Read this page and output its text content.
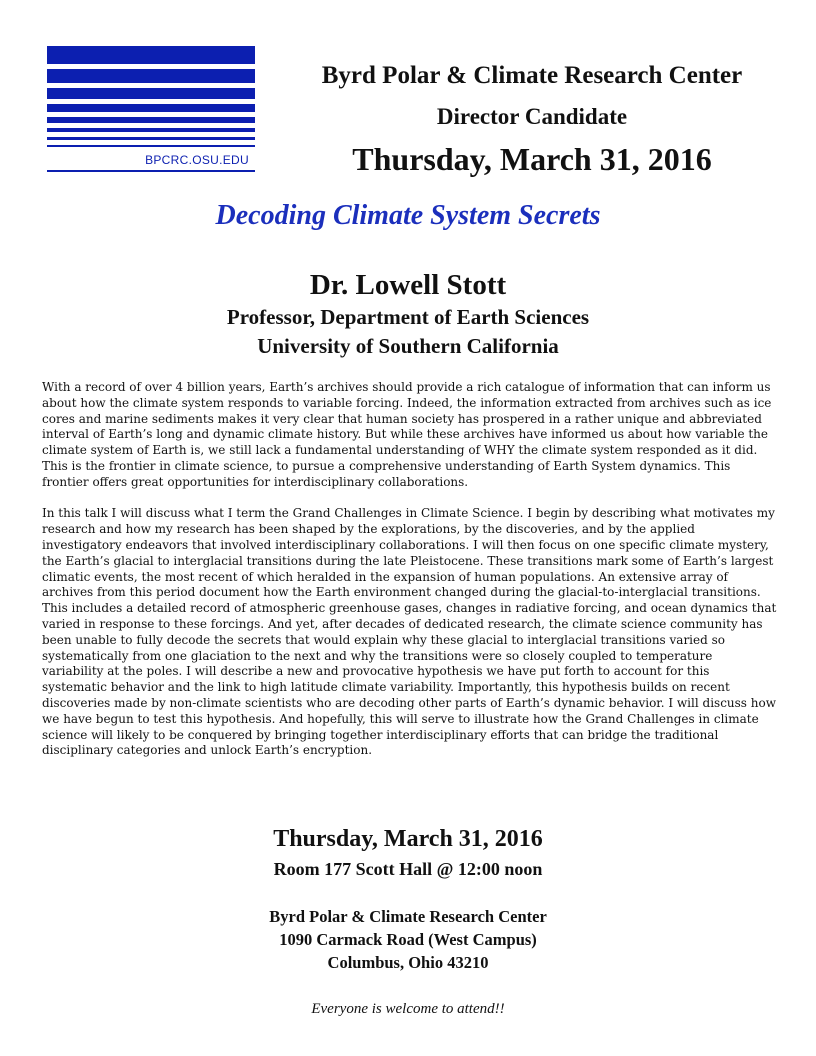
BPCRC.OSU.EDU
Byrd Polar & Climate Research Center
Director Candidate
Thursday, March 31, 2016
Decoding Climate System Secrets
Dr. Lowell Stott
Professor, Department of Earth Sciences
University of Southern California

With a record of over 4 billion years, Earth’s archives should provide a rich catalogue of information that can inform us about how the climate system responds to variable forcing. Indeed, the information extracted from archives such as ice cores and marine sediments makes it very clear that human society has prospered in a rather unique and abbreviated interval of Earth’s long and dynamic climate history. But while these archives have informed us about how variable the climate system of Earth is, we still lack a fundamental understanding of WHY the climate system responded as it did. This is the frontier in climate science, to pursue a comprehensive understanding of Earth System dynamics. This frontier offers great opportunities for interdisciplinary collaborations.

In this talk I will discuss what I term the Grand Challenges in Climate Science. I begin by describing what motivates my research and how my research has been shaped by the explorations, by the discoveries, and by the applied investigatory endeavors that involved interdisciplinary collaborations. I will then focus on one specific climate mystery, the Earth’s glacial to interglacial transitions during the late Pleistocene. These transitions mark some of Earth’s largest climatic events, the most recent of which heralded in the expansion of human populations. An extensive array of archives from this period document how the Earth environment changed during the glacial-to-interglacial transitions. This includes a detailed record of atmospheric greenhouse gases, changes in radiative forcing, and ocean dynamics that varied in response to these forcings. And yet, after decades of dedicated research, the climate science community has been unable to fully decode the secrets that would explain why these glacial to interglacial transitions varied so systematically from one glaciation to the next and why the transitions were so closely coupled to temperature variability at the poles. I will describe a new and provocative hypothesis we have put forth to account for this systematic behavior and the link to high latitude climate variability. Importantly, this hypothesis builds on recent discoveries made by non-climate scientists who are decoding other parts of Earth’s dynamic behavior. I will discuss how we have begun to test this hypothesis. And hopefully, this will serve to illustrate how the Grand Challenges in climate science will likely to be conquered by bringing together interdisciplinary efforts that can bridge the traditional disciplinary categories and unlock Earth’s encryption.

Thursday, March 31, 2016
Room 177 Scott Hall @ 12:00 noon
Byrd Polar & Climate Research Center
1090 Carmack Road (West Campus)
Columbus, Ohio 43210
Everyone is welcome to attend!!
